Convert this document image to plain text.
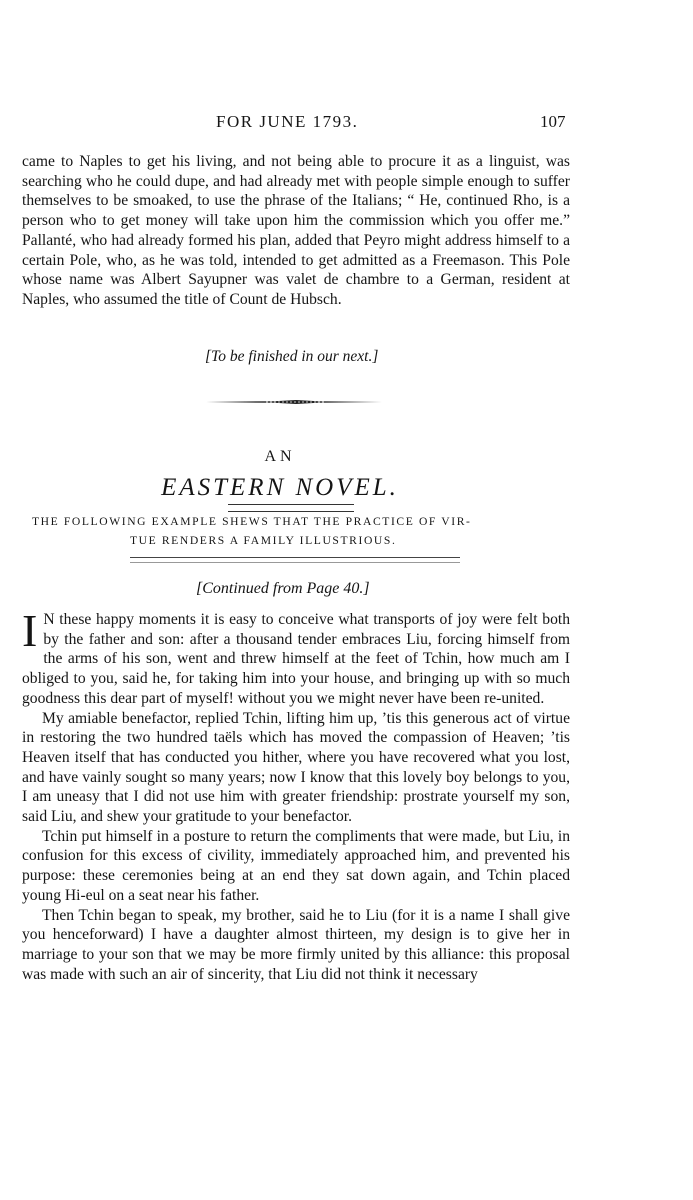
FOR JUNE 1793.	107

came to Naples to get his living, and not being able to procure it as a linguist, was searching who he could dupe, and had already met with people simple enough to suffer themselves to be smoaked, to use the phrase of the Italians; “ He, continued Rho, is a person who to get money will take upon him the commission which you offer me.” Pallanté, who had already formed his plan, added that Peyro might address himself to a certain Pole, who, as he was told, intended to get admitted as a Freemason. This Pole whose name was Albert Sayupner was valet de chambre to a German, resident at Naples, who assumed the title of Count de Hubsch.

[To be finished in our next.]
AN
EASTERN NOVEL.
THE FOLLOWING EXAMPLE SHEWS THAT THE PRACTICE OF VIR-
TUE RENDERS A FAMILY ILLUSTRIOUS.
[Continued from Page 40.]

I N these happy moments it is easy to conceive what transports of joy were felt both by the father and son: after a thousand tender embraces Liu, forcing himself from the arms of his son, went and threw himself at the feet of Tchin, how much am I obliged to you, said he, for taking him into your house, and bringing up with so much goodness this dear part of myself! without you we might never have been re-united.

My amiable benefactor, replied Tchin, lifting him up, ’tis this generous act of virtue in restoring the two hundred taëls which has moved the compassion of Heaven; ’tis Heaven itself that has conducted you hither, where you have recovered what you lost, and have vainly sought so many years; now I know that this lovely boy belongs to you, I am uneasy that I did not use him with greater friendship: prostrate yourself my son, said Liu, and shew your gratitude to your benefactor.

Tchin put himself in a posture to return the compliments that were made, but Liu, in confusion for this excess of civility, immediately approached him, and prevented his purpose: these ceremonies being at an end they sat down again, and Tchin placed young Hi-eul on a seat near his father.

Then Tchin began to speak, my brother, said he to Liu (for it is a name I shall give you henceforward) I have a daughter almost thirteen, my design is to give her in marriage to your son that we may be more firmly united by this alliance: this proposal was made with such an air of sincerity, that Liu did not think it necessary
